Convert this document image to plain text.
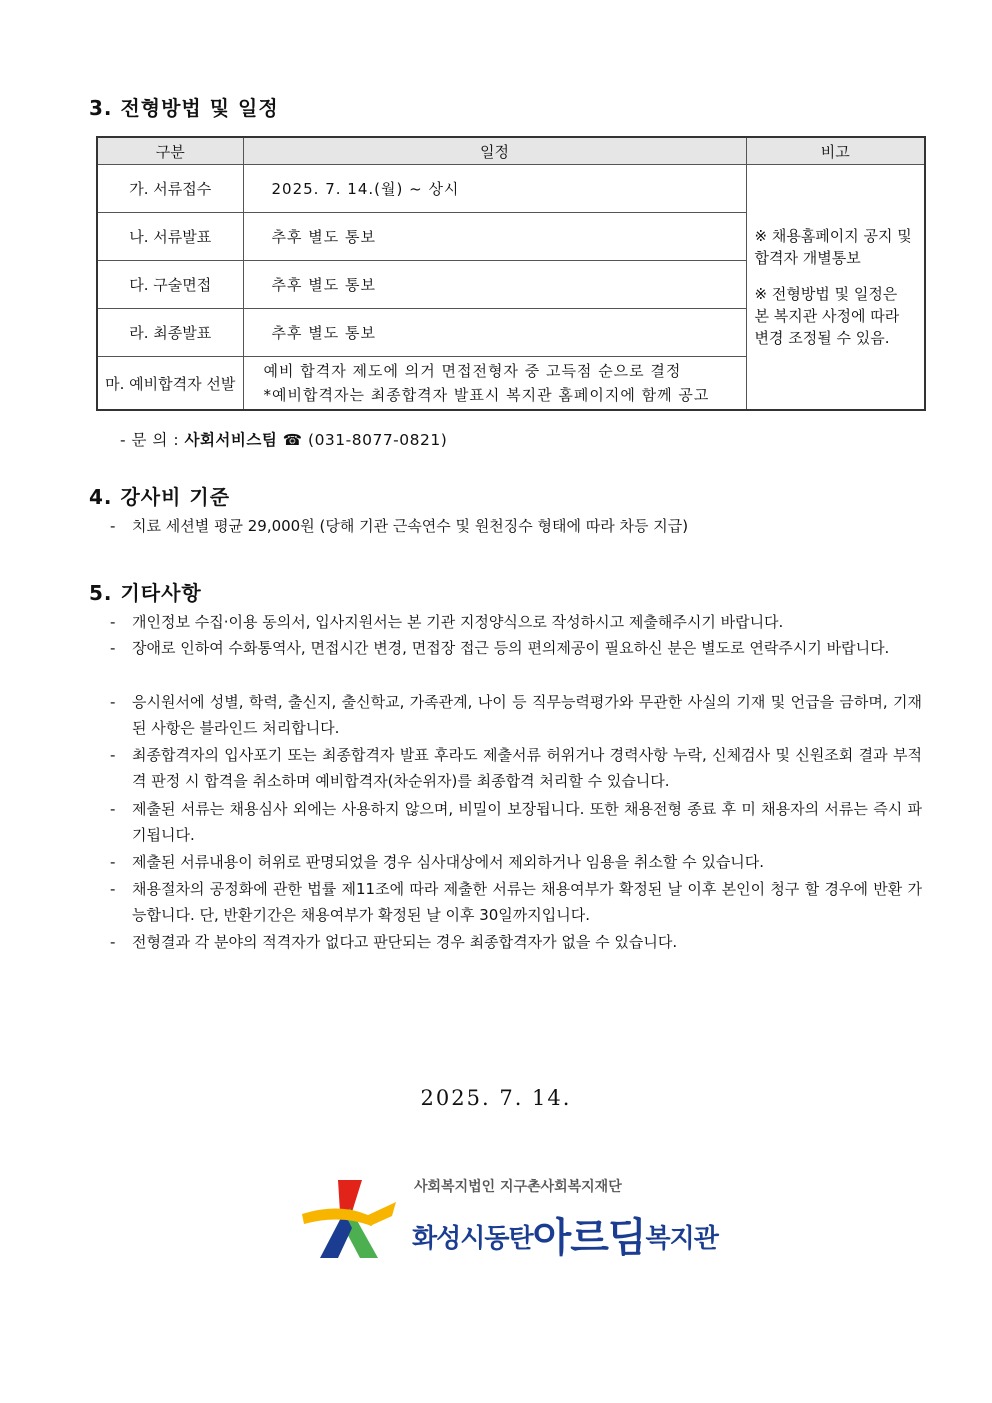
3. 전형방법 및 일정
구분	일정	비고
가. 서류접수	2025. 7. 14.(월) ~ 상시	※ 채용홈페이지 공지 및 합격자 개별통보

※ 전형방법 및 일정은 본 복지관 사정에 따라 변경 조정될 수 있음.

나. 서류발표	추후 별도 통보	
다. 구술면접	추후 별도 통보	
라. 최종발표	추후 별도 통보	
마. 예비합격자 선발	예비 합격자 제도에 의거 면접전형자 중 고득점 순으로 결정
*예비합격자는 최종합격자 발표시 복지관 홈페이지에 함께 공고	
- 문 의 : 사회서비스팀 ☎ (031-8077-0821)
4. 강사비 기준
- 치료 세션별 평균 29,000원 (당해 기관 근속연수 및 원천징수 형태에 따라 차등 지급)
5. 기타사항
- 개인정보 수집·이용 동의서, 입사지원서는 본 기관 지정양식으로 작성하시고 제출해주시기 바랍니다.
- 장애로 인하여 수화통역사, 면접시간 변경, 면접장 접근 등의 편의제공이 필요하신 분은 별도로 연락주시기 바랍니다.
- 응시원서에 성별, 학력, 출신지, 출신학교, 가족관계, 나이 등 직무능력평가와 무관한 사실의 기재 및 언급을 금하며, 기재된 사항은 블라인드 처리합니다.
- 최종합격자의 입사포기 또는 최종합격자 발표 후라도 제출서류 허위거나 경력사항 누락, 신체검사 및 신원조회 결과 부적격 판정 시 합격을 취소하며 예비합격자(차순위자)를 최종합격 처리할 수 있습니다.
- 제출된 서류는 채용심사 외에는 사용하지 않으며, 비밀이 보장됩니다. 또한 채용전형 종료 후 미 채용자의 서류는 즉시 파기됩니다.
- 제출된 서류내용이 허위로 판명되었을 경우 심사대상에서 제외하거나 임용을 취소할 수 있습니다.
- 채용절차의 공정화에 관한 법률 제11조에 따라 제출한 서류는 채용여부가 확정된 날 이후 본인이 청구 할 경우에 반환 가능합니다. 단, 반환기간은 채용여부가 확정된 날 이후 30일까지입니다.
- 전형결과 각 분야의 적격자가 없다고 판단되는 경우 최종합격자가 없을 수 있습니다.
2025. 7. 14.
사회복지법인 지구촌사회복지재단
화성시동탄아르딤복지관
